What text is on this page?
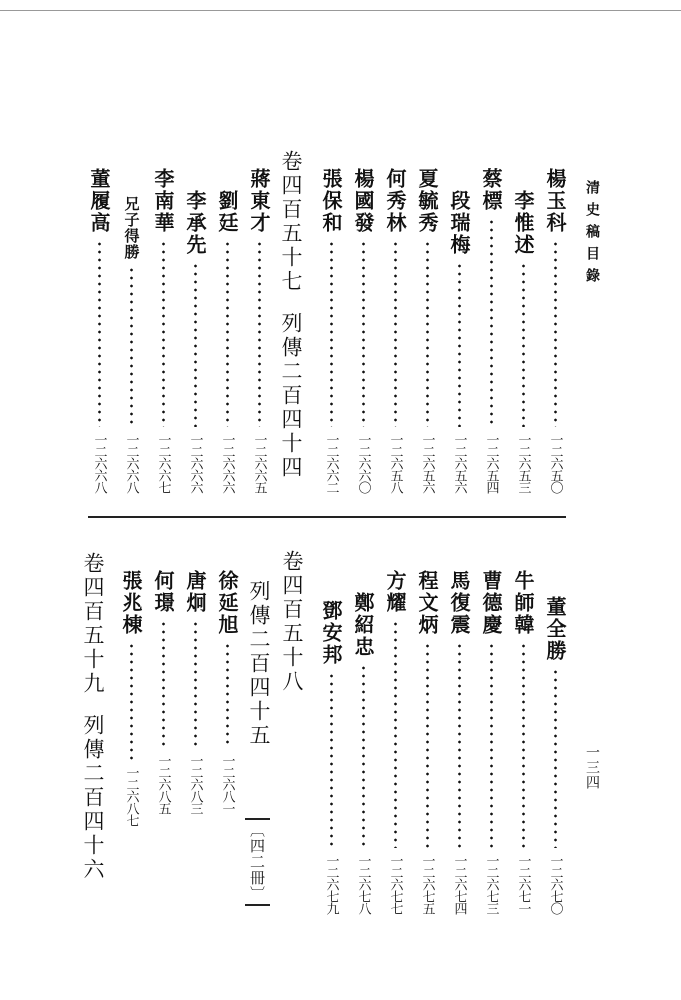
清史稿目錄
一三四
楊玉科
一二六五〇
李惟述
一二六五三
蔡標
一二六五四
段瑞梅
一二六五六
夏毓秀
一二六五六
何秀林
一二六五八
楊國發
一二六六〇
張保和
一二六六二
卷四百五十七列傳二百四十四
蔣東才
一二六六五
劉廷
一二六六六
李承先
一二六六六
李南華
一二六六七
兄子得勝
一二六六八
董履高
一二六六八
董全勝
一二六七〇
牛師韓
一二六七一
曹德慶
一二六七三
馬復震
一二六七四
程文炳
一二六七五
方耀
一二六七七
鄭紹忠
一二六七八
鄧安邦
一二六七九
卷四百五十八
列傳二百四十五
〔四二冊〕
徐延旭
一二六八一
唐炯
一二六八三
何璟
一二六八五
張兆棟
一二六八七
卷四百五十九列傳二百四十六
